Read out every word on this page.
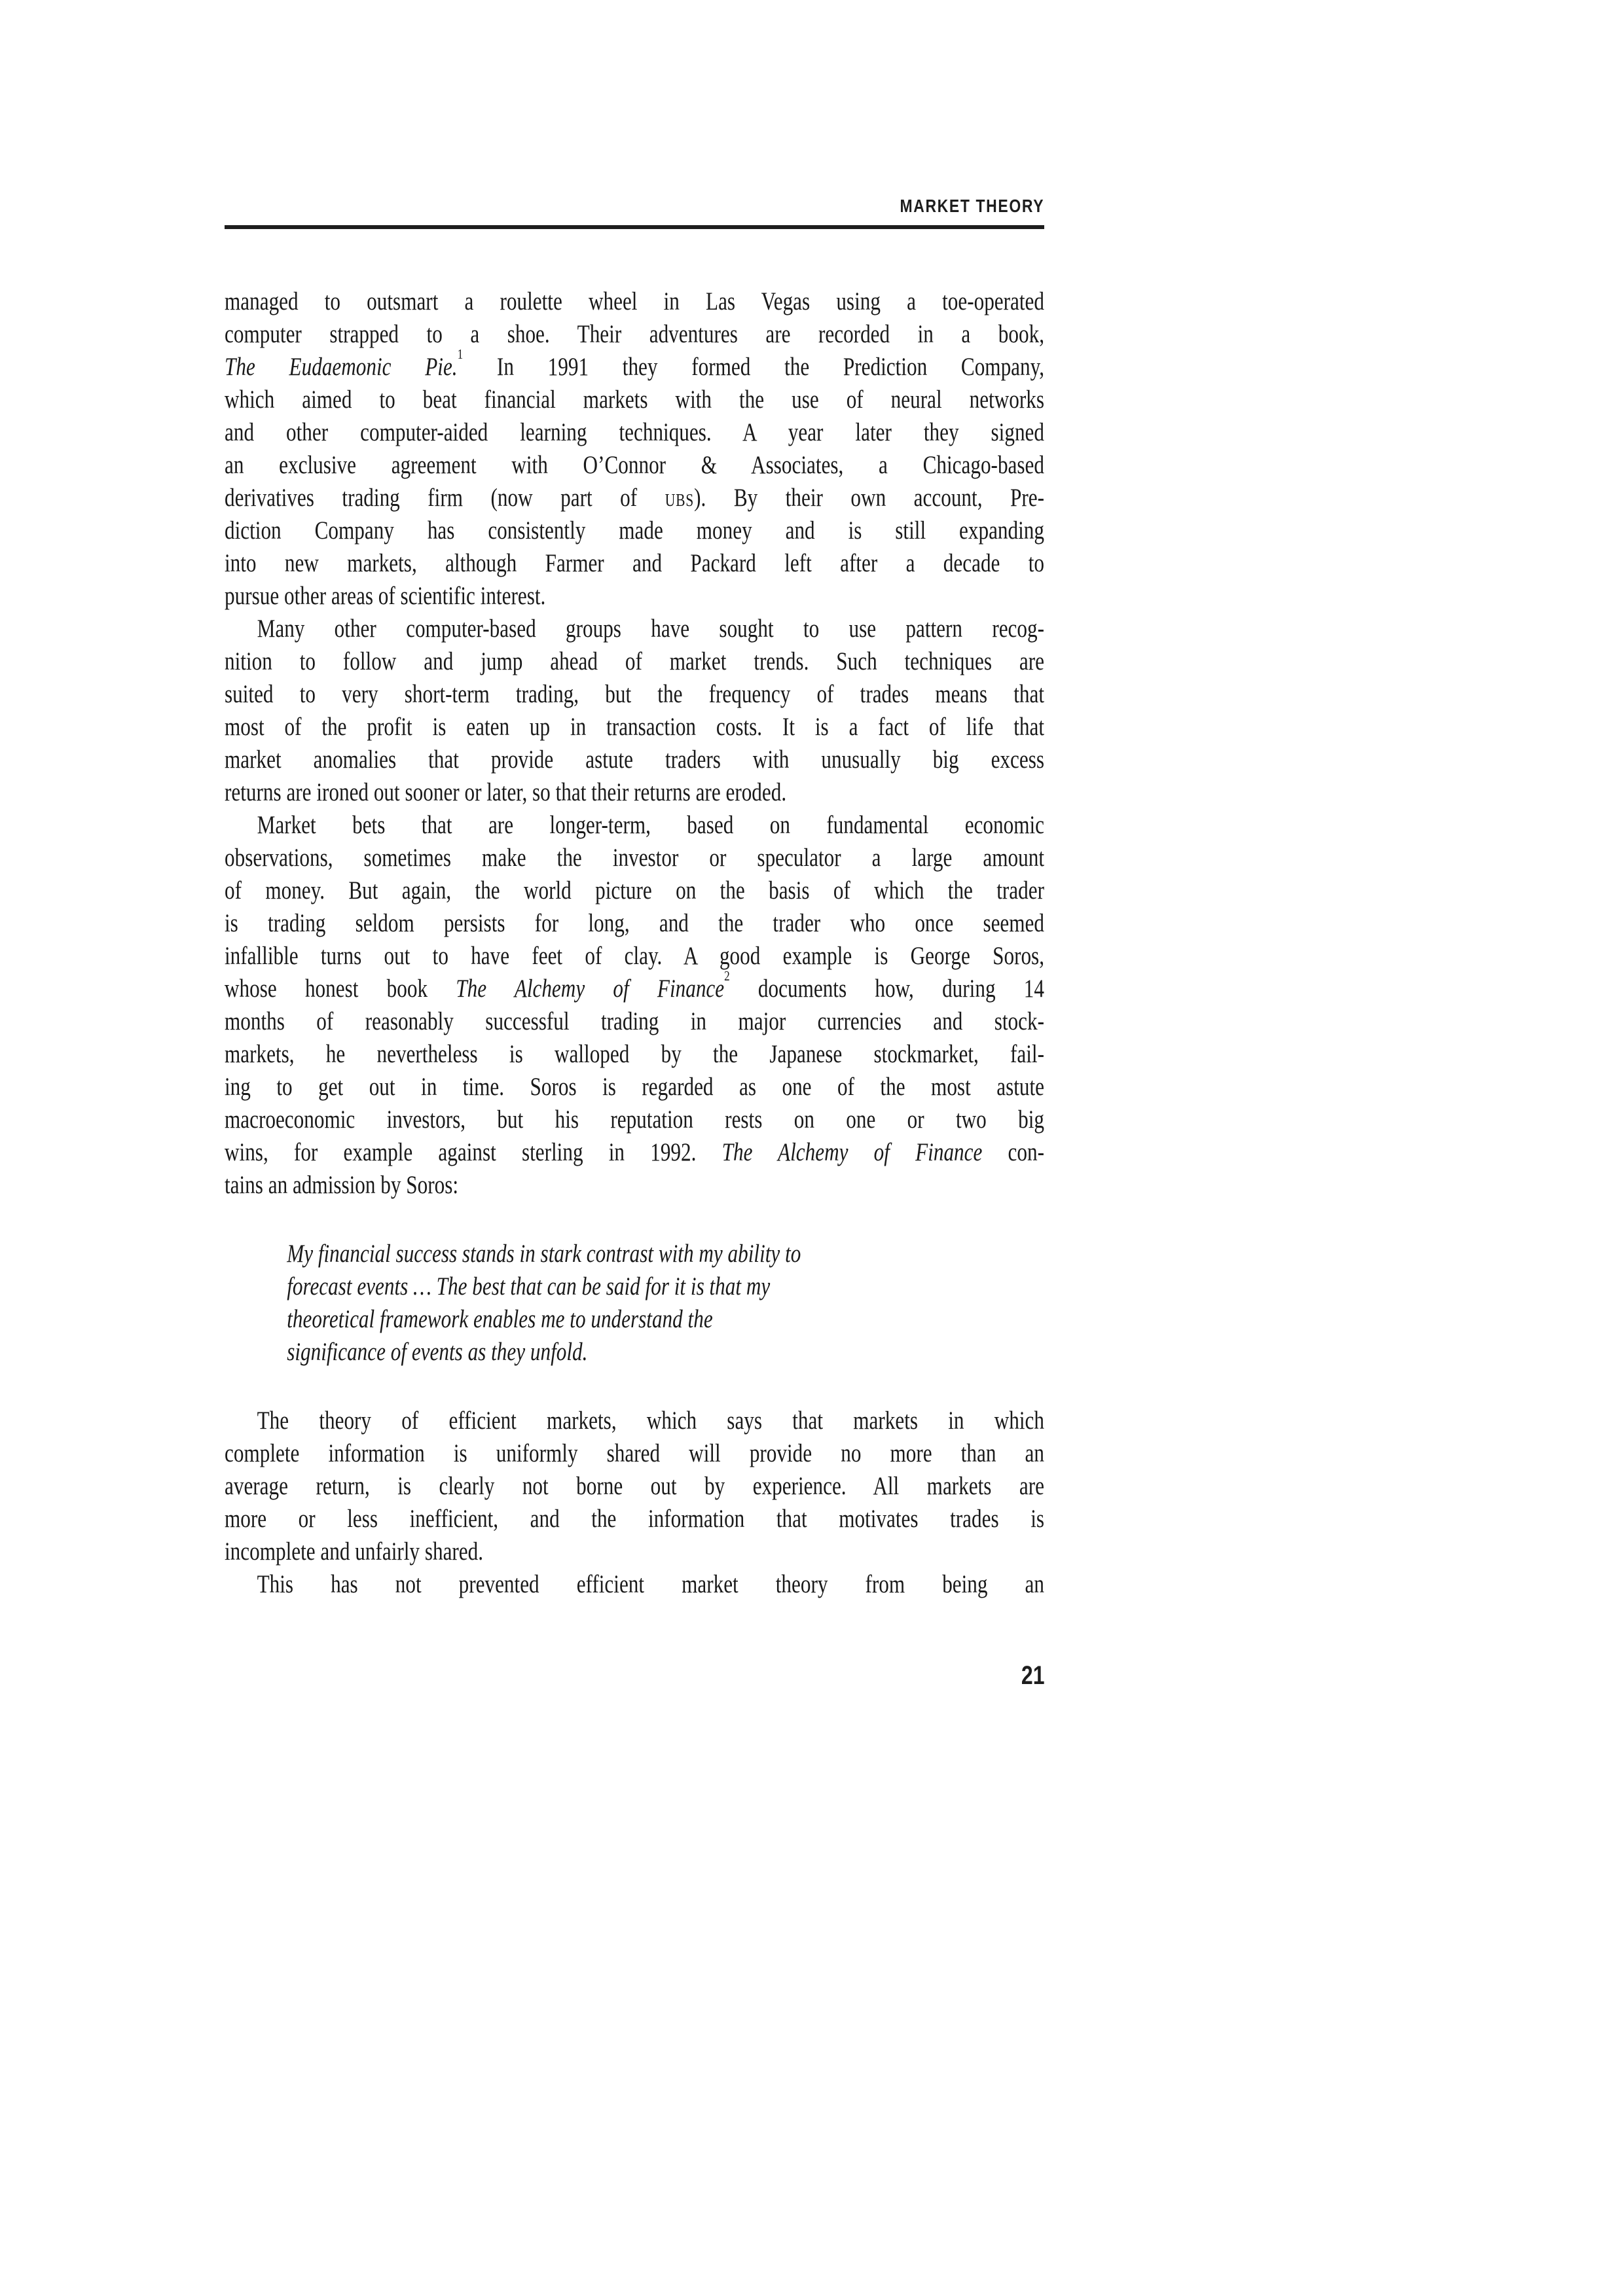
MARKET THEORY
managed to outsmart a roulette wheel in Las Vegas using a toe-operated
computer strapped to a shoe. Their adventures are recorded in a book,
The Eudaemonic Pie.$^1$ In 1991 they formed the Prediction Company,
which aimed to beat financial markets with the use of neural networks
and other computer-aided learning techniques. A year later they signed
an exclusive agreement with O’Connor & Associates, a Chicago-based
derivatives trading firm (now part of ubs). By their own account, Pre-
diction Company has consistently made money and is still expanding
into new markets, although Farmer and Packard left after a decade to
pursue other areas of scientific interest.
Many other computer-based groups have sought to use pattern recog-
nition to follow and jump ahead of market trends. Such techniques are
suited to very short-term trading, but the frequency of trades means that
most of the profit is eaten up in transaction costs. It is a fact of life that
market anomalies that provide astute traders with unusually big excess
returns are ironed out sooner or later, so that their returns are eroded.
Market bets that are longer-term, based on fundamental economic
observations, sometimes make the investor or speculator a large amount
of money. But again, the world picture on the basis of which the trader
is trading seldom persists for long, and the trader who once seemed
infallible turns out to have feet of clay. A good example is George Soros,
whose honest book The Alchemy of Finance$^2$ documents how, during 14
months of reasonably successful trading in major currencies and stock-
markets, he nevertheless is walloped by the Japanese stockmarket, fail-
ing to get out in time. Soros is regarded as one of the most astute
macroeconomic investors, but his reputation rests on one or two big
wins, for example against sterling in 1992. The Alchemy of Finance con-
tains an admission by Soros:
My financial success stands in stark contrast with my ability to
forecast events … The best that can be said for it is that my
theoretical framework enables me to understand the
significance of events as they unfold.
The theory of efficient markets, which says that markets in which
complete information is uniformly shared will provide no more than an
average return, is clearly not borne out by experience. All markets are
more or less inefficient, and the information that motivates trades is
incomplete and unfairly shared.
This has not prevented efficient market theory from being an
21
